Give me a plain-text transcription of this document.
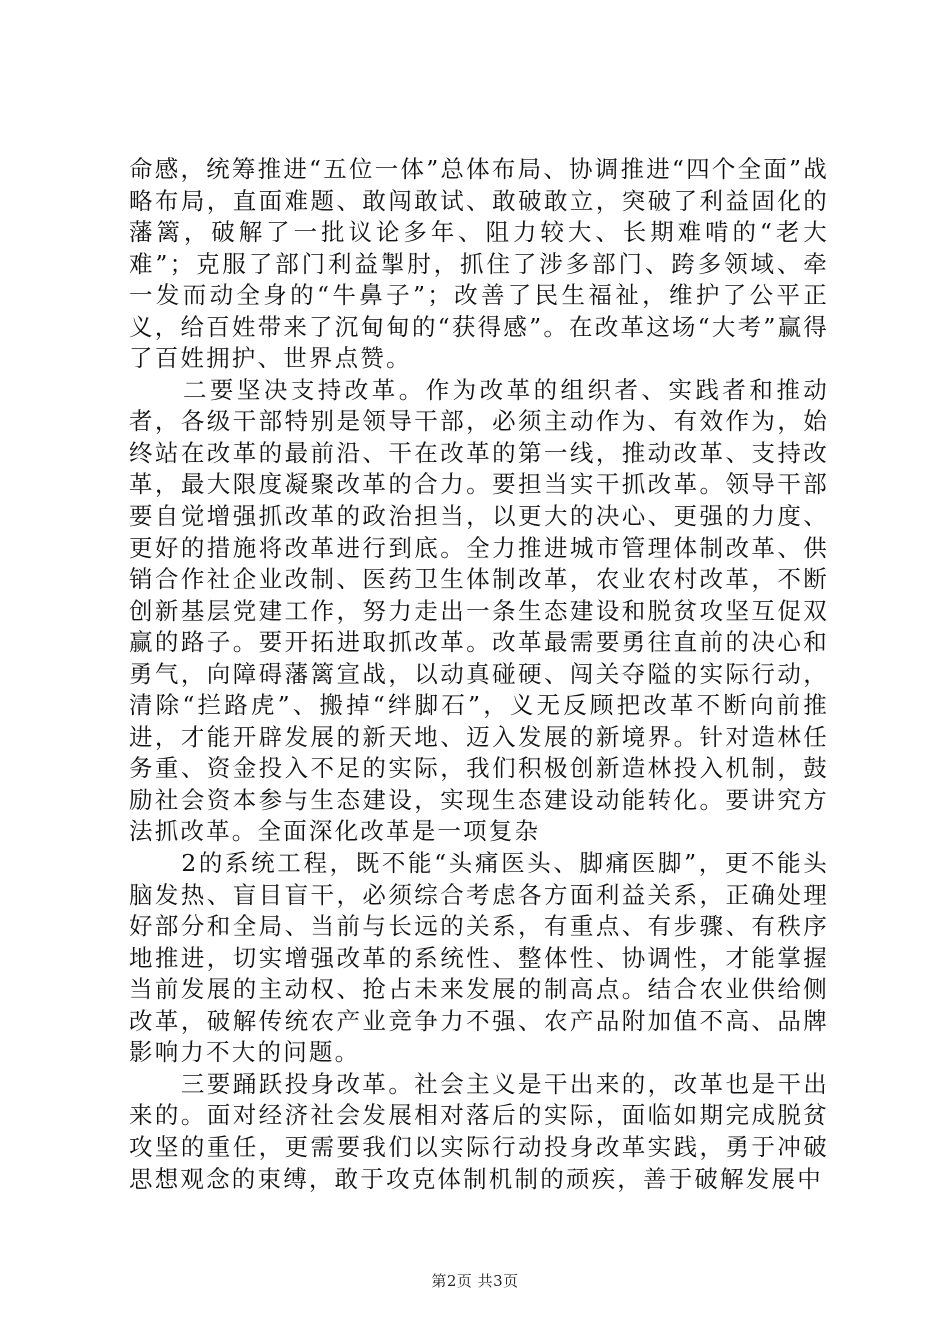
命感，统筹推进“五位一体”总体布局、协调推进“四个全面”战略布局，直面难题、敢闯敢试、敢破敢立，突破了利益固化的藩篱，破解了一批议论多年、阻力较大、长期难啃的“老大难”；克服了部门利益掣肘，抓住了涉多部门、跨多领域、牵一发而动全身的“牛鼻子”；改善了民生福祉，维护了公平正义，给百姓带来了沉甸甸的“获得感”。在改革这场“大考”赢得了百姓拥护、世界点赞。

　　二要坚决支持改革。作为改革的组织者、实践者和推动者，各级干部特别是领导干部，必须主动作为、有效作为，始终站在改革的最前沿、干在改革的第一线，推动改革、支持改革，最大限度凝聚改革的合力。要担当实干抓改革。领导干部要自觉增强抓改革的政治担当，以更大的决心、更强的力度、更好的措施将改革进行到底。全力推进城市管理体制改革、供销合作社企业改制、医药卫生体制改革，农业农村改革，不断创新基层党建工作，努力走出一条生态建设和脱贫攻坚互促双赢的路子。要开拓进取抓改革。改革最需要勇往直前的决心和勇气，向障碍藩篱宣战，以动真碰硬、闯关夺隘的实际行动，清除“拦路虎”、搬掉“绊脚石”，义无反顾把改革不断向前推进，才能开辟发展的新天地、迈入发展的新境界。针对造林任务重、资金投入不足的实际，我们积极创新造林投入机制，鼓励社会资本参与生态建设，实现生态建设动能转化。要讲究方法抓改革。全面深化改革是一项复杂

　　2的系统工程，既不能“头痛医头、脚痛医脚”，更不能头脑发热、盲目盲干，必须综合考虑各方面利益关系，正确处理好部分和全局、当前与长远的关系，有重点、有步骤、有秩序地推进，切实增强改革的系统性、整体性、协调性，才能掌握当前发展的主动权、抢占未来发展的制高点。结合农业供给侧改革，破解传统农产业竞争力不强、农产品附加值不高、品牌影响力不大的问题。

　　三要踊跃投身改革。社会主义是干出来的，改革也是干出来的。面对经济社会发展相对落后的实际，面临如期完成脱贫攻坚的重任，更需要我们以实际行动投身改革实践，勇于冲破思想观念的束缚，敢于攻克体制机制的顽疾，善于破解发展中

第2页 共3页
